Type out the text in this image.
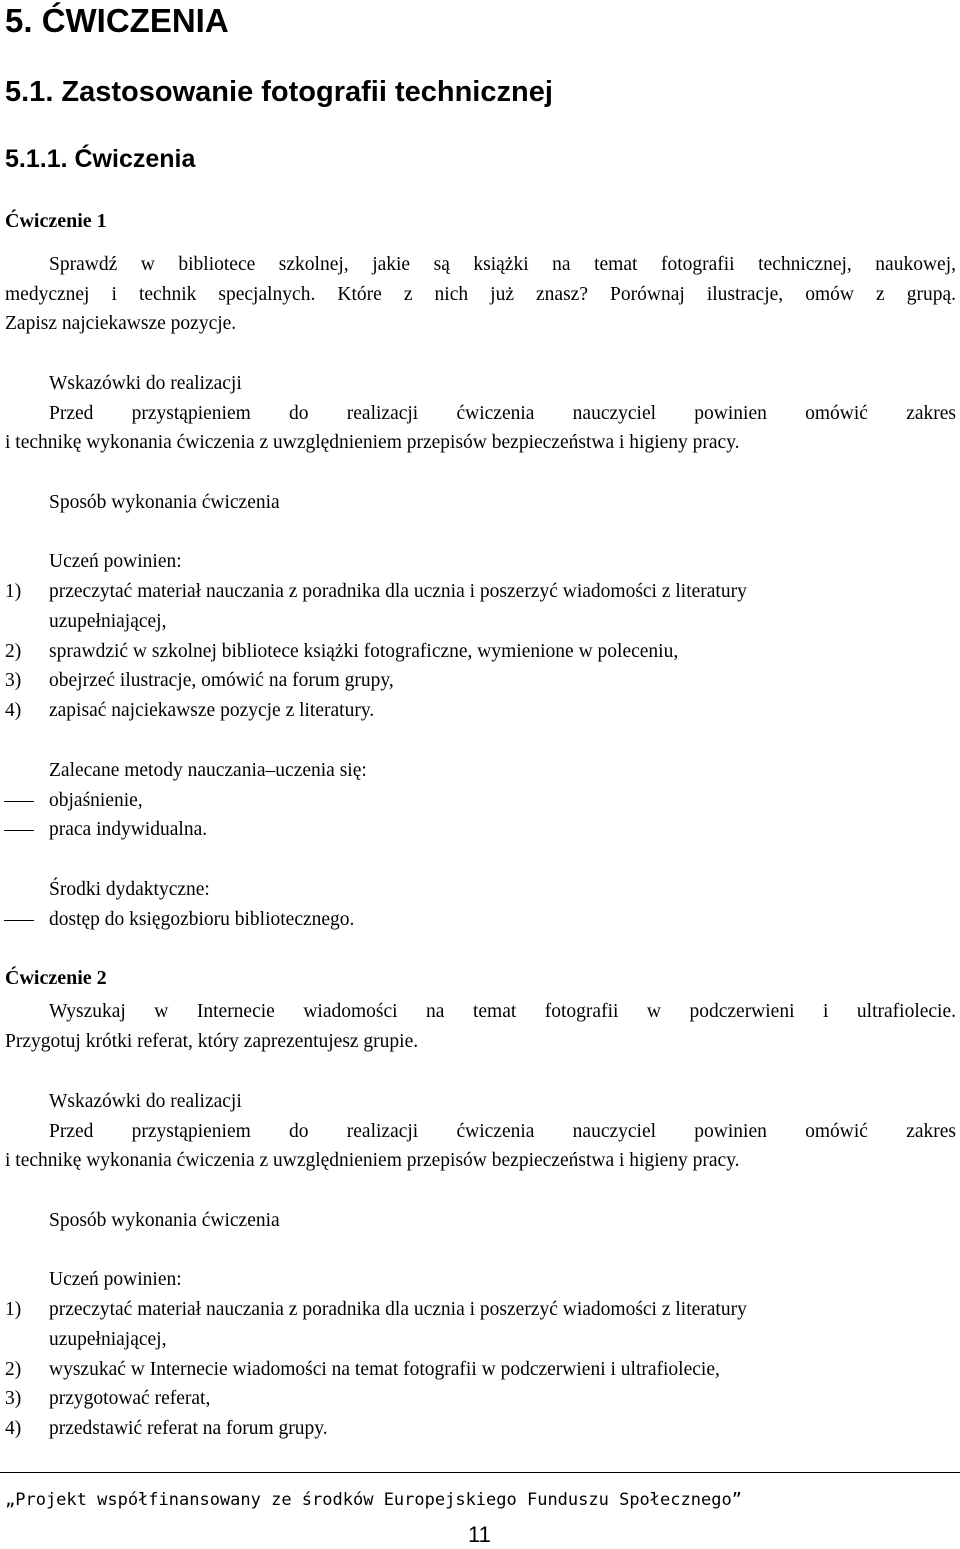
5. ĆWICZENIA
5.1. Zastosowanie fotografii technicznej
5.1.1. Ćwiczenia
Ćwiczenie 1
Sprawdź w bibliotece szkolnej, jakie są książki na temat fotografii technicznej, naukowej,
medycznej i technik specjalnych. Które z nich już znasz? Porównaj ilustracje, omów z grupą.
Zapisz najciekawsze pozycje.
Wskazówki do realizacji
Przed przystąpieniem do realizacji ćwiczenia nauczyciel powinien omówić zakres
i technikę wykonania ćwiczenia z uwzględnieniem przepisów bezpieczeństwa i higieny pracy.
Sposób wykonania ćwiczenia
Uczeń powinien:
1) przeczytać materiał nauczania z poradnika dla ucznia i poszerzyć wiadomości z literatury
uzupełniającej,
2) sprawdzić w szkolnej bibliotece książki fotograficzne, wymienione w poleceniu,
3) obejrzeć ilustracje, omówić na forum grupy,
4) zapisać najciekawsze pozycje z literatury.
Zalecane metody nauczania–uczenia się:
objaśnienie,
praca indywidualna.
Środki dydaktyczne:
dostęp do księgozbioru bibliotecznego.
Ćwiczenie 2
Wyszukaj w Internecie wiadomości na temat fotografii w podczerwieni i ultrafiolecie.
Przygotuj krótki referat, który zaprezentujesz grupie.
Wskazówki do realizacji
Przed przystąpieniem do realizacji ćwiczenia nauczyciel powinien omówić zakres
i technikę wykonania ćwiczenia z uwzględnieniem przepisów bezpieczeństwa i higieny pracy.
Sposób wykonania ćwiczenia
Uczeń powinien:
1) przeczytać materiał nauczania z poradnika dla ucznia i poszerzyć wiadomości z literatury
uzupełniającej,
2) wyszukać w Internecie wiadomości na temat fotografii w podczerwieni i ultrafiolecie,
3) przygotować referat,
4) przedstawić referat na forum grupy.
„Projekt współfinansowany ze środków Europejskiego Funduszu Społecznego”
11
